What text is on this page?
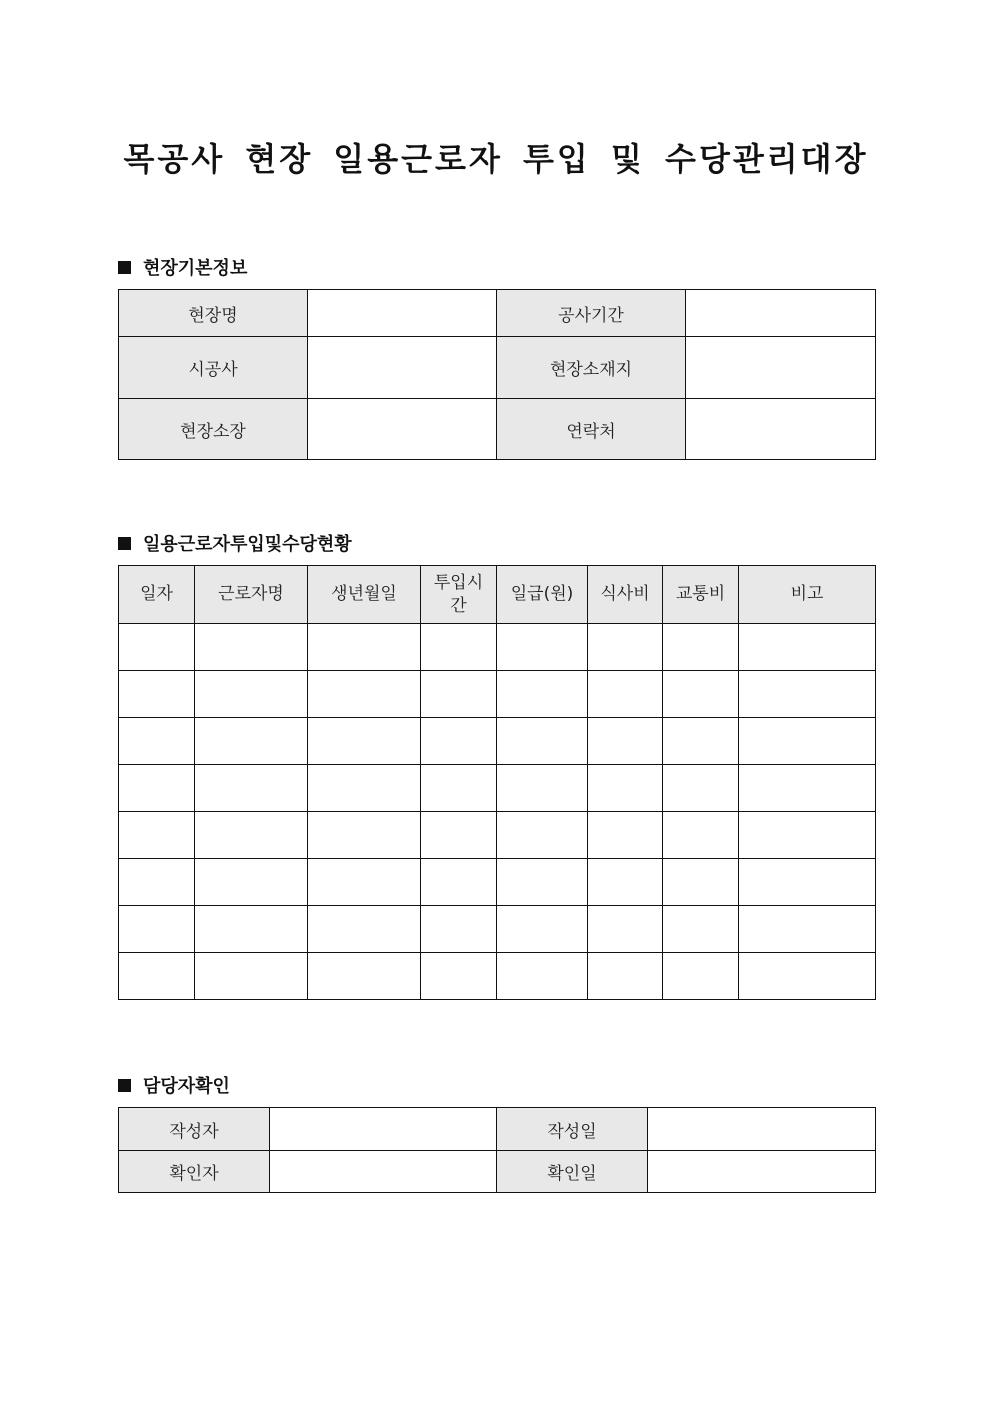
목공사 현장 일용근로자 투입 및 수당관리대장
현장기본정보
현장명		공사기간	
시공사		현장소재지	
현장소장		연락처	
일용근로자투입및수당현황
일자	근로자명	생년월일	투입시간	일급(원)	식사비	교통비	비고

담당자확인
작성자		작성일	
확인자		확인일	
